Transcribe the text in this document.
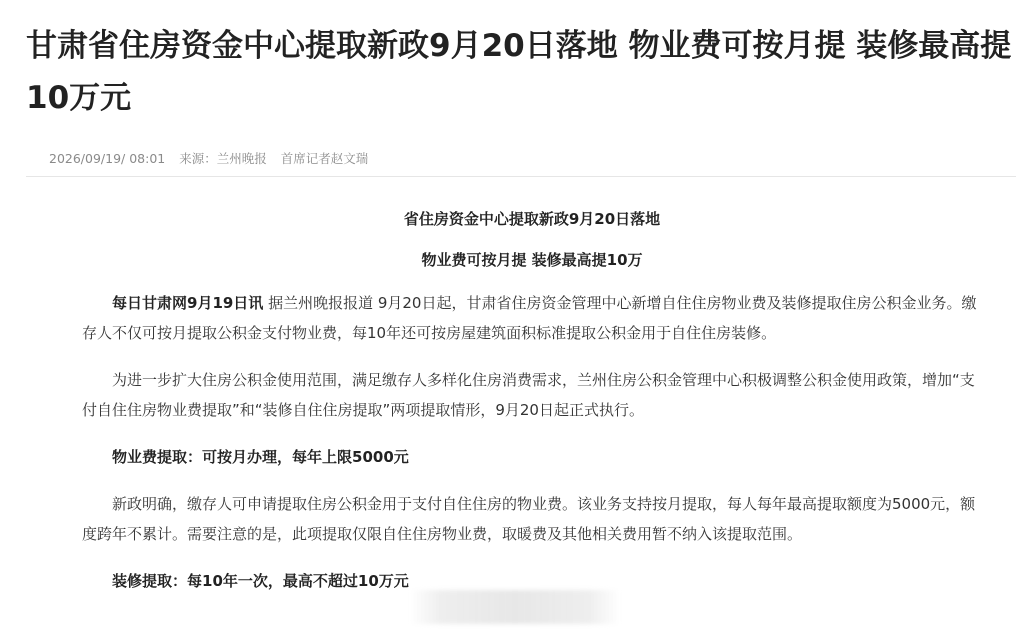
甘肃省住房资金中心提取新政9月20日落地 物业费可按月提 装修最高提10万元
2026/09/19/ 08:01 来源：兰州晚报 首席记者赵文瑞

省住房资金中心提取新政9月20日落地

物业费可按月提 装修最高提10万

每日甘肃网9月19日讯 据兰州晚报报道 9月20日起，甘肃省住房资金管理中心新增自住住房物业费及装修提取住房公积金业务。缴存人不仅可按月提取公积金支付物业费，每10年还可按房屋建筑面积标准提取公积金用于自住住房装修。

为进一步扩大住房公积金使用范围，满足缴存人多样化住房消费需求，兰州住房公积金管理中心积极调整公积金使用政策，增加“支付自住住房物业费提取”和“装修自住住房提取”两项提取情形，9月20日起正式执行。

物业费提取：可按月办理，每年上限5000元

新政明确，缴存人可申请提取住房公积金用于支付自住住房的物业费。该业务支持按月提取，每人每年最高提取额度为5000元，额度跨年不累计。需要注意的是，此项提取仅限自住住房物业费，取暖费及其他相关费用暂不纳入该提取范围。

装修提取：每10年一次，最高不超过10万元
